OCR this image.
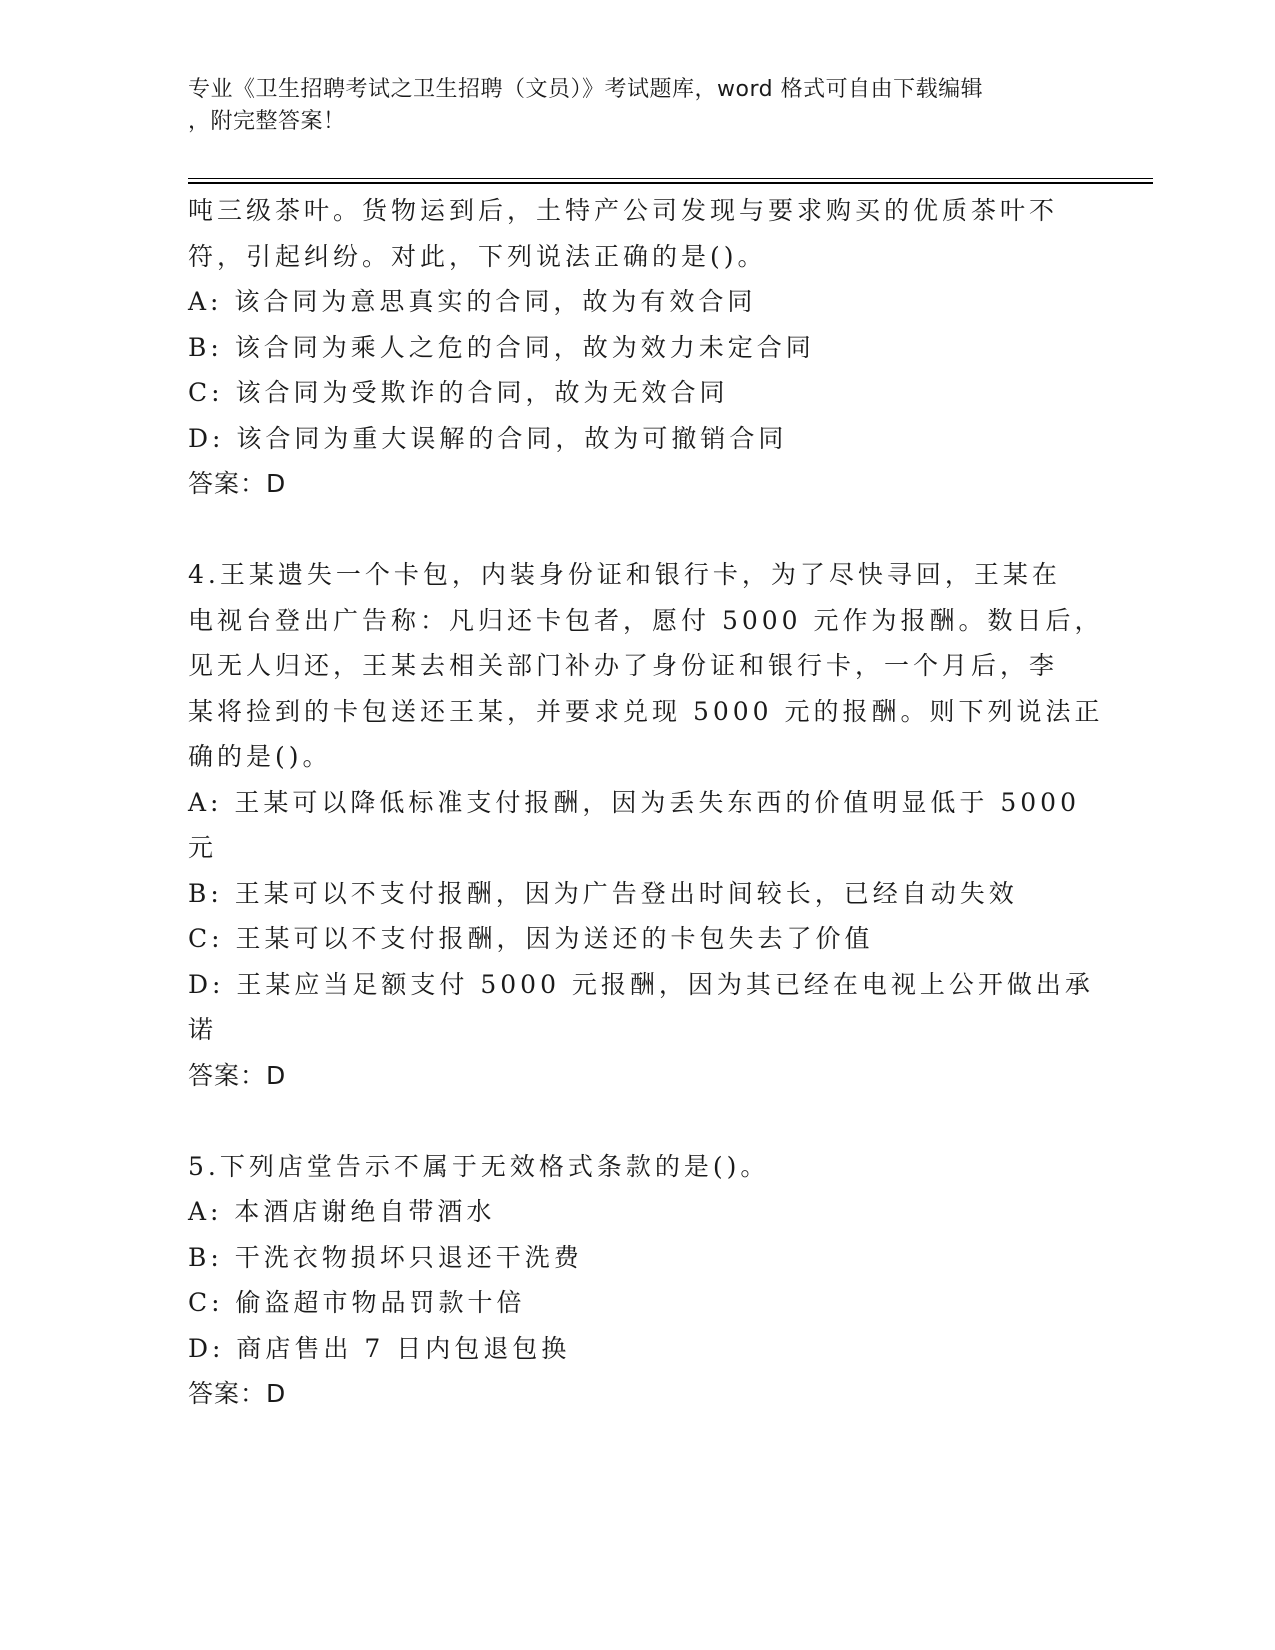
专业《卫生招聘考试之卫生招聘（文员）》考试题库，word 格式可自由下载编辑
，附完整答案！
吨三级茶叶。货物运到后，土特产公司发现与要求购买的优质茶叶不
符，引起纠纷。对此，下列说法正确的是()。
A: 该合同为意思真实的合同，故为有效合同
B: 该合同为乘人之危的合同，故为效力未定合同
C: 该合同为受欺诈的合同，故为无效合同
D: 该合同为重大误解的合同，故为可撤销合同
答案：D
4.王某遗失一个卡包，内装身份证和银行卡，为了尽快寻回，王某在
电视台登出广告称：凡归还卡包者，愿付 5000 元作为报酬。数日后，
见无人归还，王某去相关部门补办了身份证和银行卡，一个月后，李
某将捡到的卡包送还王某，并要求兑现 5000 元的报酬。则下列说法正
确的是()。
A: 王某可以降低标准支付报酬，因为丢失东西的价值明显低于 5000
元
B: 王某可以不支付报酬，因为广告登出时间较长，已经自动失效
C: 王某可以不支付报酬，因为送还的卡包失去了价值
D: 王某应当足额支付 5000 元报酬，因为其已经在电视上公开做出承
诺
答案：D
5.下列店堂告示不属于无效格式条款的是()。
A: 本酒店谢绝自带酒水
B: 干洗衣物损坏只退还干洗费
C: 偷盗超市物品罚款十倍
D: 商店售出 7 日内包退包换
答案：D
